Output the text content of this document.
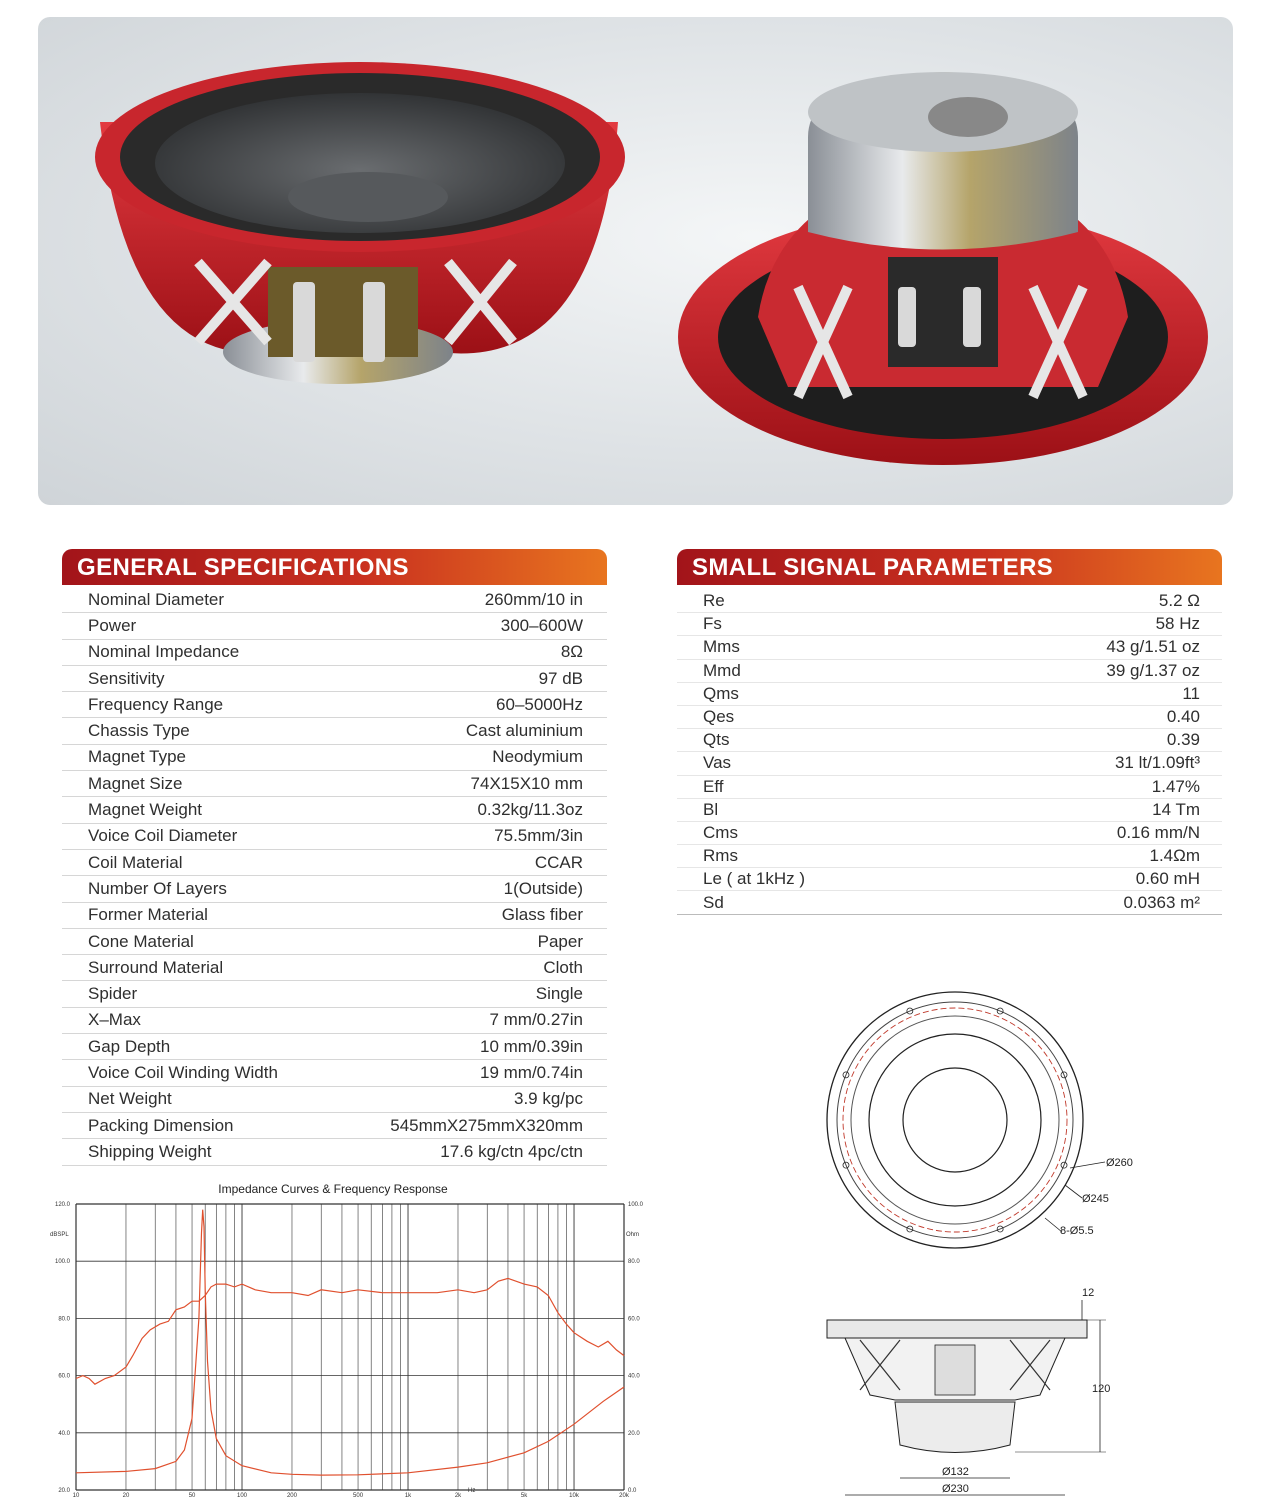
GENERAL SPECIFICATIONS
Nominal Diameter	260mm/10 in
Power	300–600W
Nominal Impedance	8Ω
Sensitivity	97 dB
Frequency Range	60–5000Hz
Chassis Type	Cast aluminium
Magnet Type	Neodymium
Magnet Size	74X15X10 mm
Magnet Weight	0.32kg/11.3oz
Voice Coil Diameter	75.5mm/3in
Coil Material	CCAR
Number Of Layers	1(Outside)
Former Material	Glass fiber
Cone Material	Paper
Surround Material	Cloth
Spider	Single
X–Max	7 mm/0.27in
Gap Depth	10 mm/0.39in
Voice Coil Winding Width	19 mm/0.74in
Net Weight	3.9 kg/pc
Packing Dimension	545mmX275mmX320mm
Shipping Weight	17.6 kg/ctn 4pc/ctn
SMALL SIGNAL PARAMETERS
Re	5.2 Ω
Fs	58 Hz
Mms	43 g/1.51 oz
Mmd	39 g/1.37 oz
Qms	11
Qes	0.40
Qts	0.39
Vas	31 lt/1.09ft³
Eff	1.47%
Bl	14 Tm
Cms	0.16 mm/N
Rms	1.4Ωm
Le ( at 1kHz )	0.60 mH
Sd	0.0363 m²
Impedance Curves & Frequency Response
10	20	50	100	200	500	1k	2k	5k	10k	20k
20.0
40.0
60.0
80.0
100.0
120.0
0.0
20.0
40.0
60.0
80.0
100.0
dBSPL	Ohm
Hz
Ø260
Ø245
8-Ø5.5
12
120
Ø132
Ø230
